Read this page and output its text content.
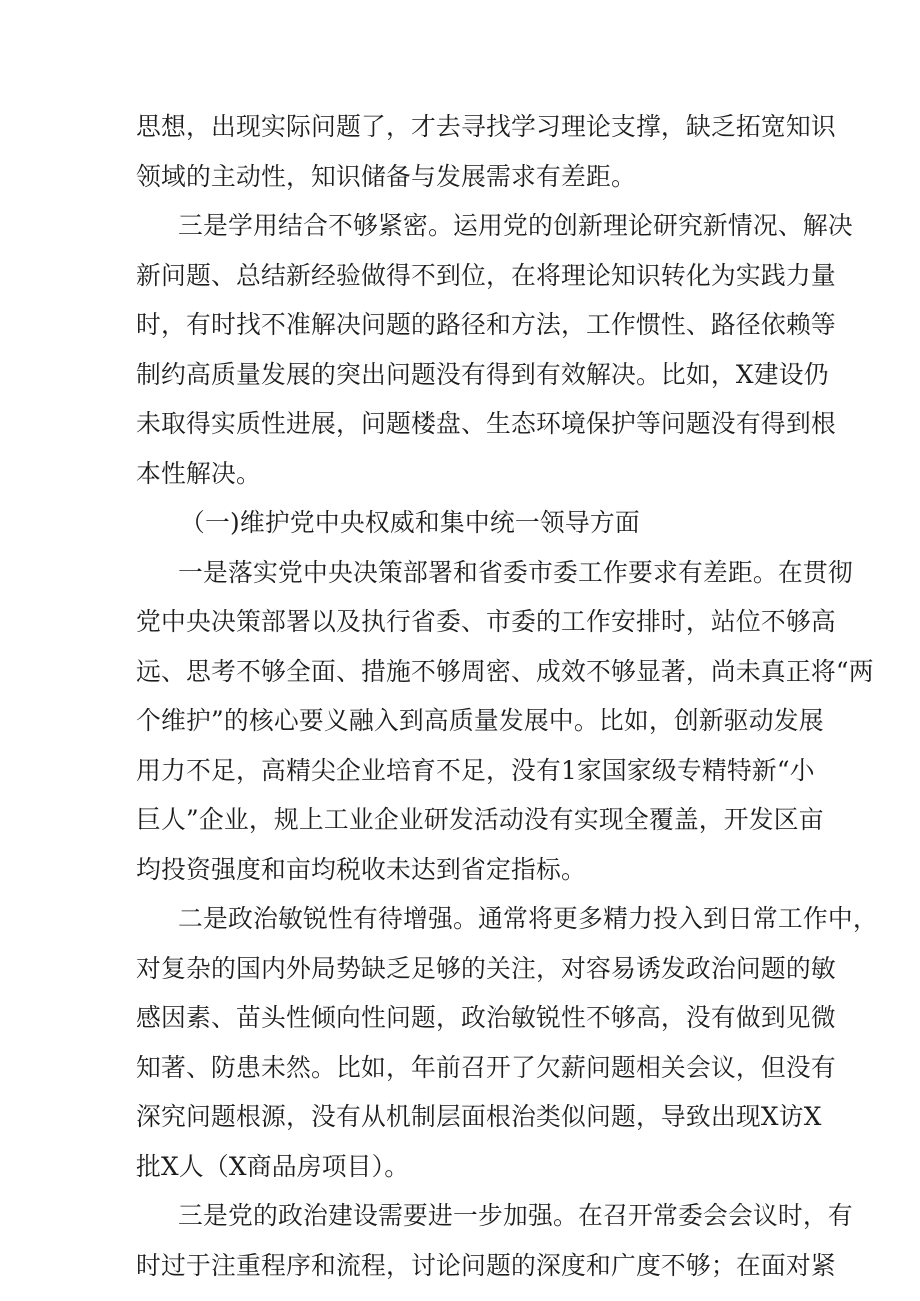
思想，出现实际问题了，才去寻找学习理论支撑，缺乏拓宽知识

领域的主动性，知识储备与发展需求有差距。

三是学用结合不够紧密。运用党的创新理论研究新情况、解决

新问题、总结新经验做得不到位，在将理论知识转化为实践力量

时，有时找不准解决问题的路径和方法，工作惯性、路径依赖等

制约高质量发展的突出问题没有得到有效解决。比如，X建设仍

未取得实质性进展，问题楼盘、生态环境保护等问题没有得到根

本性解决。

（一)维护党中央权威和集中统一领导方面

一是落实党中央决策部署和省委市委工作要求有差距。在贯彻

党中央决策部署以及执行省委、市委的工作安排时，站位不够高

远、思考不够全面、措施不够周密、成效不够显著，尚未真正将“两

个维护”的核心要义融入到高质量发展中。比如，创新驱动发展

用力不足，高精尖企业培育不足，没有1家国家级专精特新“小

巨人”企业，规上工业企业研发活动没有实现全覆盖，开发区亩

均投资强度和亩均税收未达到省定指标。

二是政治敏锐性有待增强。通常将更多精力投入到日常工作中，

对复杂的国内外局势缺乏足够的关注，对容易诱发政治问题的敏

感因素、苗头性倾向性问题，政治敏锐性不够高，没有做到见微

知著、防患未然。比如，年前召开了欠薪问题相关会议，但没有

深究问题根源，没有从机制层面根治类似问题，导致出现X访X

批X人（X商品房项目）。

三是党的政治建设需要进一步加强。在召开常委会会议时，有

时过于注重程序和流程，讨论问题的深度和广度不够；在面对紧
